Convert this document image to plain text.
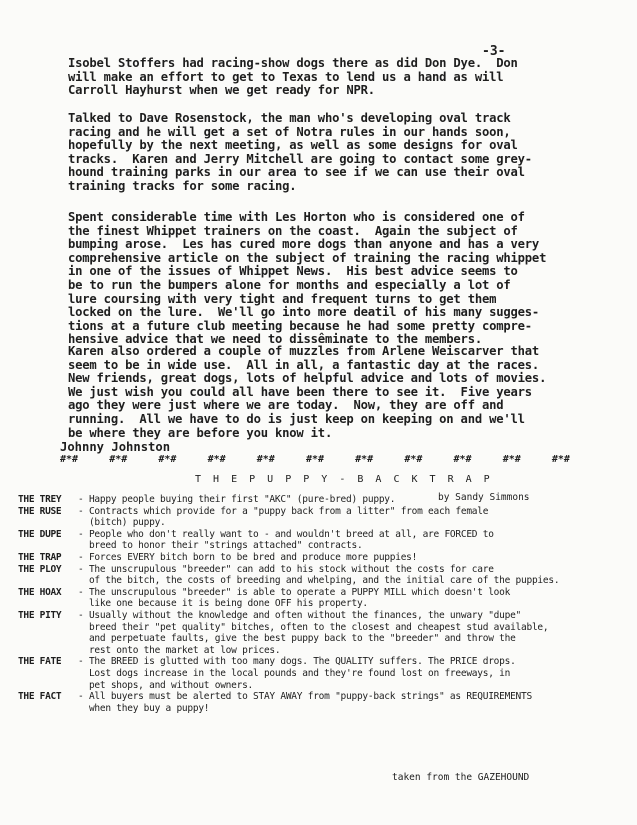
-3-

Isobel Stoffers had racing-show dogs there as did Don Dye.  Don
will make an effort to get to Texas to lend us a hand as will
Carroll Hayhurst when we get ready for NPR.

Talked to Dave Rosenstock, the man who's developing oval track
racing and he will get a set of Notra rules in our hands soon,
hopefully by the next meeting, as well as some designs for oval
tracks.  Karen and Jerry Mitchell are going to contact some grey-
hound training parks in our area to see if we can use their oval
training tracks for some racing.

Spent considerable time with Les Horton who is considered one of
the finest Whippet trainers on the coast.  Again the subject of
bumping arose.  Les has cured more dogs than anyone and has a very
comprehensive article on the subject of training the racing whippet
in one of the issues of Whippet News.  His best advice seems to
be to run the bumpers alone for months and especially a lot of
lure coursing with very tight and frequent turns to get them
locked on the lure.  We'll go into more deatil of his many sugges-
tions at a future club meeting because he had some pretty compre-
hensive advice that we need to dissêminate to the members.

Karen also ordered a couple of muzzles from Arlene Weiscarver that
seem to be in wide use.  All in all, a fantastic day at the races.
New friends, great dogs, lots of helpful advice and lots of movies.
We just wish you could all have been there to see it.  Five years
ago they were just where we are today.  Now, they are off and
running.  All we have to do is just keep on keeping on and we'll
be where they are before you know it.

Johnny Johnston
#*#	#*#	#*#	#*#	#*#	#*#	#*#	#*#	#*#	#*#	#*#
T H E P U P P Y - B A C K T R A P
by Sandy Simmons
THE TREY	- Happy people buying their first "AKC" (pure-bred) puppy.
THE RUSE	- Contracts which provide for a "puppy back from a litter" from each female
(bitch) puppy.
THE DUPE	- People who don't really want to - and wouldn't breed at all, are FORCED to
breed to honor their "strings attached" contracts.
THE TRAP	- Forces EVERY bitch born to be bred and produce more puppies!
THE PLOY	- The unscrupulous "breeder" can add to his stock without the costs for care
of the bitch, the costs of breeding and whelping, and the initial care of the puppies.
THE HOAX	- The unscrupulous "breeder" is able to operate a PUPPY MILL which doesn't look
like one because it is being done OFF his property.
THE PITY	- Usually without the knowledge and often without the finances, the unwary "dupe"
breed their "pet quality" bitches, often to the closest and cheapest stud available,
and perpetuate faults, give the best puppy back to the "breeder" and throw the
rest onto the market at low prices.
THE FATE	- The BREED is glutted with too many dogs. The QUALITY suffers. The PRICE drops.
Lost dogs increase in the local pounds and they're found lost on freeways, in
pet shops, and without owners.
THE FACT	- All buyers must be alerted to STAY AWAY from "puppy-back strings" as REQUIREMENTS
when they buy a puppy!
taken from the GAZEHOUND
